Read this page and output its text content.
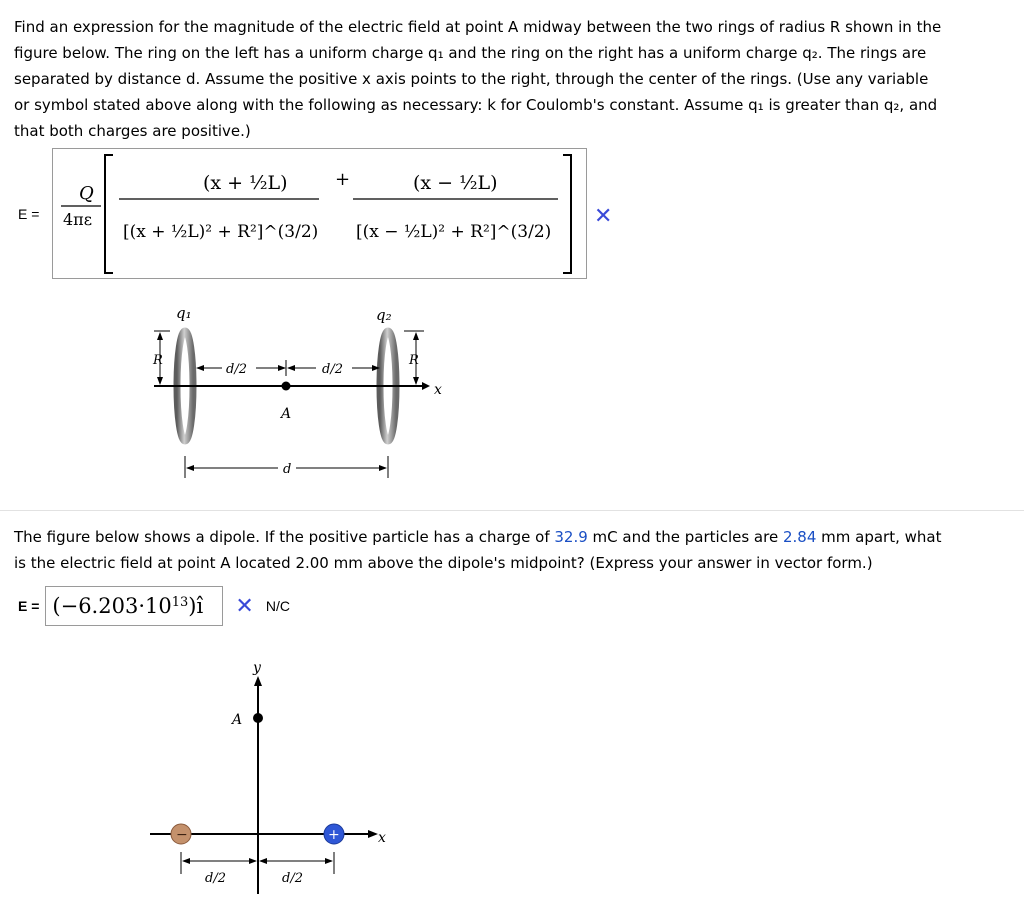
Find an expression for the magnitude of the electric field at point A midway between the two rings of radius R shown in the

figure below. The ring on the left has a uniform charge q₁ and the ring on the right has a uniform charge q₂. The rings are

separated by distance d. Assume the positive x axis points to the right, through the center of the rings. (Use any variable

or symbol stated above along with the following as necessary: k for Coulomb's constant. Assume q₁ is greater than q₂, and

that both charges are positive.)

E =
Q
4πε
(x + ½L)
[(x + ½L)² + R²]^(3/2)
+	(x − ½L)
[(x − ½L)² + R²]^(3/2)
✕
q₁	q₂
x
R	R
d/2	d/2
A
d

The figure below shows a dipole. If the positive particle has a charge of 32.9 mC and the particles are 2.84 mm apart, what

is the electric field at point A located 2.00 mm above the dipole's midpoint? (Express your answer in vector form.)

$E = (-6.203\cdot 10^{13}$ )î ✕ N/C
y
x
A
−	+
d/2	d/2
